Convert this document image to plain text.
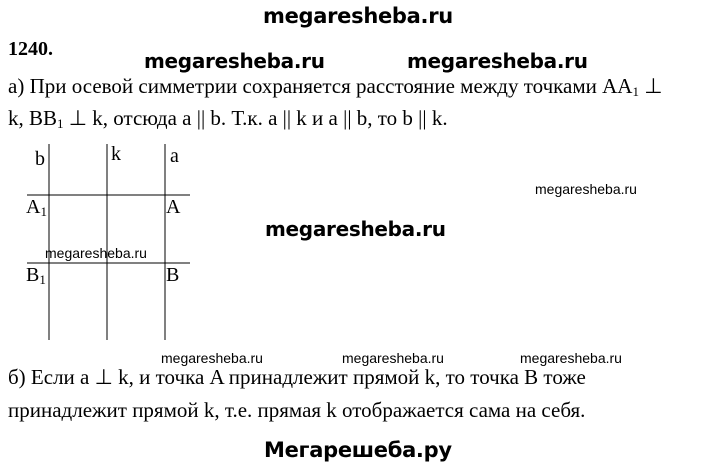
megaresheba.ru
1240.	megaresheba.ru	megaresheba.ru
а) При осевой симметрии сохраняется расстояние между точками $AA_1$ ⊥
k, $BB_1$ ⊥ k, отсюда a || b. Т.к. a || k и a || b, то b || k.
b	k a
$A_1$	A
$B_1$	B
megaresheba.ru
megaresheba.ru
megaresheba.ru
megaresheba.ru	megaresheba.ru	megaresheba.ru
б) Если a ⊥ k, и точка A принадлежит прямой k, то точка B тоже
принадлежит прямой k, т.е. прямая k отображается сама на себя.
Мегарешеба.ру
